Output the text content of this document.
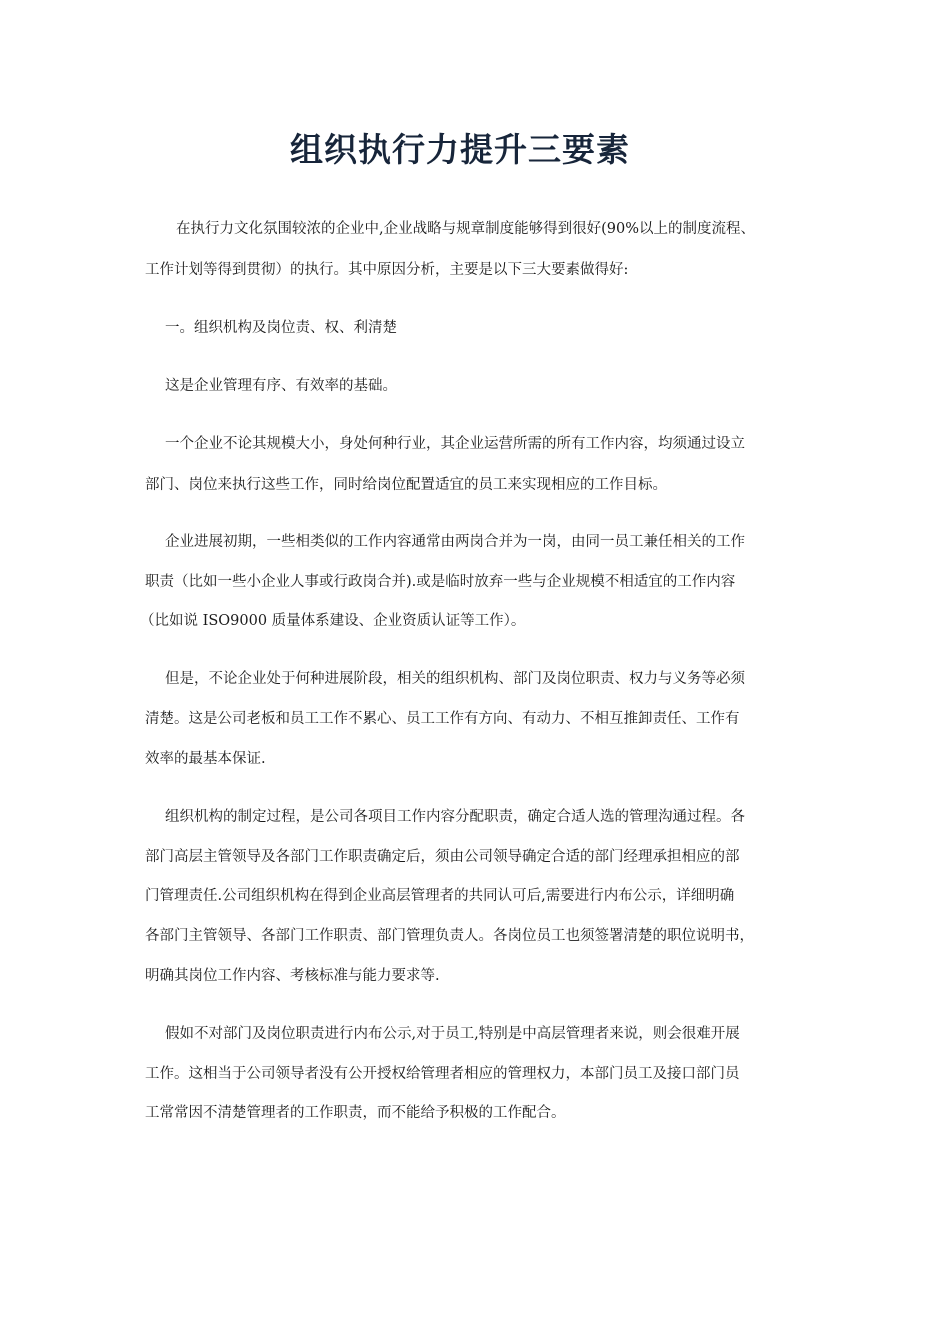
组织执行力提升三要素
在执行力文化氛围较浓的企业中,企业战略与规章制度能够得到很好(90%以上的制度流程、
工作计划等得到贯彻）的执行。其中原因分析，主要是以下三大要素做得好:
一。组织机构及岗位责、权、利清楚
这是企业管理有序、有效率的基础。
一个企业不论其规模大小，身处何种行业，其企业运营所需的所有工作内容，均须通过设立
部门、岗位来执行这些工作，同时给岗位配置适宜的员工来实现相应的工作目标。
企业进展初期，一些相类似的工作内容通常由两岗合并为一岗，由同一员工兼任相关的工作
职责（比如一些小企业人事或行政岗合并).或是临时放弃一些与企业规模不相适宜的工作内容
（比如说 ISO9000 质量体系建设、企业资质认证等工作）。
但是，不论企业处于何种进展阶段，相关的组织机构、部门及岗位职责、权力与义务等必须
清楚。这是公司老板和员工工作不累心、员工工作有方向、有动力、不相互推卸责任、工作有
效率的最基本保证.
组织机构的制定过程，是公司各项目工作内容分配职责，确定合适人选的管理沟通过程。各
部门高层主管领导及各部门工作职责确定后，须由公司领导确定合适的部门经理承担相应的部
门管理责任.公司组织机构在得到企业高层管理者的共同认可后,需要进行内布公示，详细明确
各部门主管领导、各部门工作职责、部门管理负责人。各岗位员工也须签署清楚的职位说明书，
明确其岗位工作内容、考核标准与能力要求等.
假如不对部门及岗位职责进行内布公示,对于员工,特别是中高层管理者来说，则会很难开展
工作。这相当于公司领导者没有公开授权给管理者相应的管理权力，本部门员工及接口部门员
工常常因不清楚管理者的工作职责，而不能给予积极的工作配合。
